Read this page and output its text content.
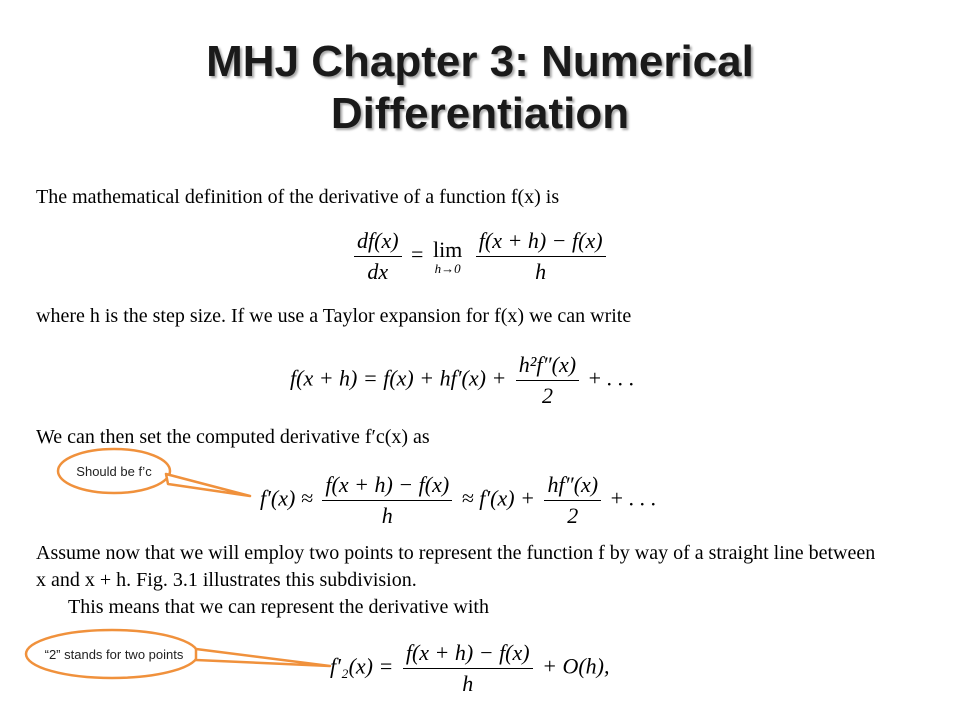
MHJ Chapter 3: Numerical
Differentiation
The mathematical definition of the derivative of a function f(x) is
$\frac{df(x)}{dx} = \lim$
h→0
$\frac{f(x + h) - f(x)}{h}$
where h is the step size. If we use a Taylor expansion for f(x) we can write
$f(x + h) = f(x) + hf'(x) + \frac{\text{h²f″(x)}}{2}$ + . . .
We can then set the computed derivative f′c(x) as
$f'(x) \approx \frac{f(x + h) - f(x)}{h} \approx f'(x) + \frac{hf''(x)}{2}$ + . . .
Assume now that we will employ two points to represent the function f by way of a straight line between
x and x + h. Fig. 3.1 illustrates this subdivision.
This means that we can represent the derivative with
$f'_2(x) = \frac{f(x + h) - f(x)}{h} + O(h)$,
Should be f’c
“2” stands for two points
